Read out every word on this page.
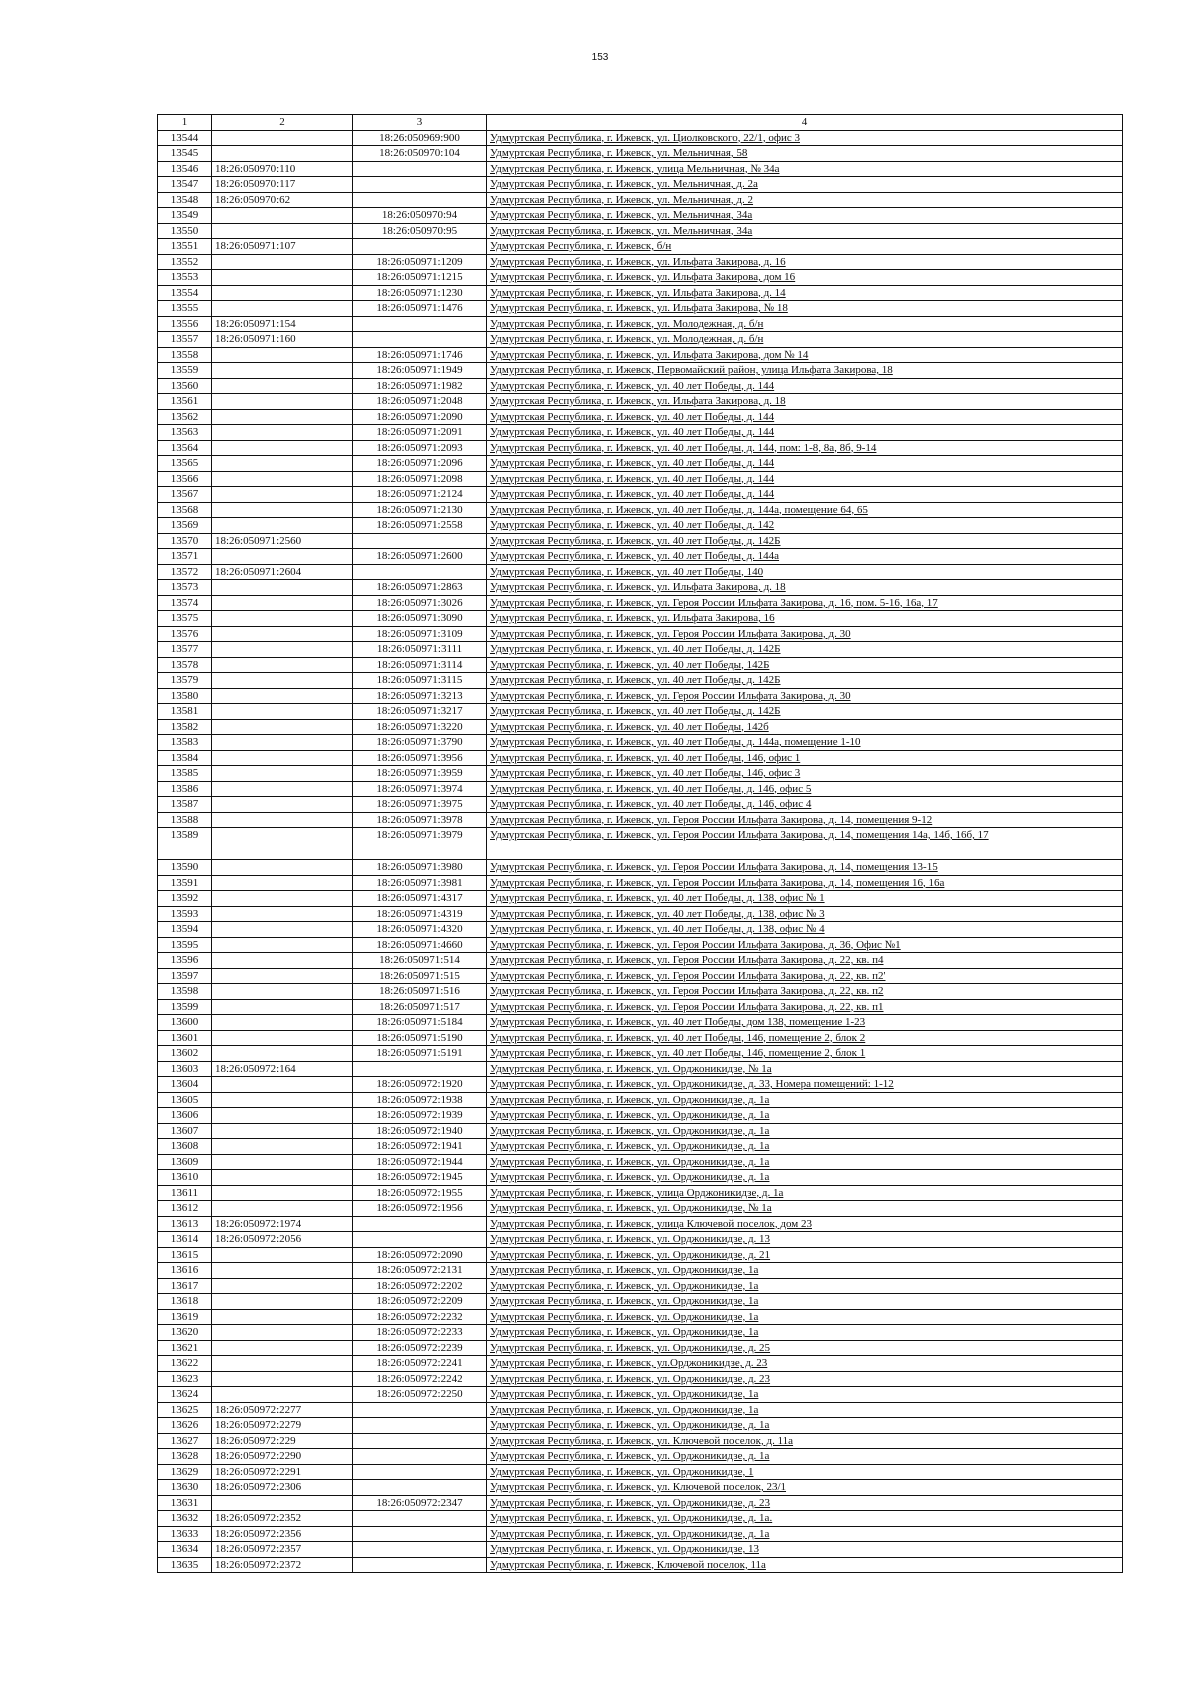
153
1	2	3	4
13544		18:26:050969:900	Удмуртская Республика, г. Ижевск, ул. Циолковского, 22/1, офис 3
13545		18:26:050970:104	Удмуртская Республика, г. Ижевск, ул. Мельничная, 58
13546	18:26:050970:110		Удмуртская Республика, г. Ижевск, улица Мельничная, № 34а
13547	18:26:050970:117		Удмуртская Республика, г. Ижевск, ул. Мельничная, д. 2а
13548	18:26:050970:62		Удмуртская Республика, г. Ижевск, ул. Мельничная, д. 2
13549		18:26:050970:94	Удмуртская Республика, г. Ижевск, ул. Мельничная, 34а
13550		18:26:050970:95	Удмуртская Республика, г. Ижевск, ул. Мельничная, 34а
13551	18:26:050971:107		Удмуртская Республика, г. Ижевск, б/н
13552		18:26:050971:1209	Удмуртская Республика, г. Ижевск, ул. Ильфата Закирова, д. 16
13553		18:26:050971:1215	Удмуртская Республика, г. Ижевск, ул. Ильфата Закирова, дом 16
13554		18:26:050971:1230	Удмуртская Республика, г. Ижевск, ул. Ильфата Закирова, д. 14
13555		18:26:050971:1476	Удмуртская Республика, г. Ижевск, ул. Ильфата Закирова, № 18
13556	18:26:050971:154		Удмуртская Республика, г. Ижевск, ул. Молодежная, д. б/н
13557	18:26:050971:160		Удмуртская Республика, г. Ижевск, ул. Молодежная, д. б/н
13558		18:26:050971:1746	Удмуртская Республика, г. Ижевск, ул. Ильфата Закирова, дом № 14
13559		18:26:050971:1949	Удмуртская Республика, г. Ижевск, Первомайский район, улица Ильфата Закирова, 18
13560		18:26:050971:1982	Удмуртская Республика, г. Ижевск, ул. 40 лет Победы, д. 144
13561		18:26:050971:2048	Удмуртская Республика, г. Ижевск, ул. Ильфата Закирова, д. 18
13562		18:26:050971:2090	Удмуртская Республика, г. Ижевск, ул. 40 лет Победы, д. 144
13563		18:26:050971:2091	Удмуртская Республика, г. Ижевск, ул. 40 лет Победы, д. 144
13564		18:26:050971:2093	Удмуртская Республика, г. Ижевск, ул. 40 лет Победы, д. 144, пом: 1-8, 8а, 8б, 9-14
13565		18:26:050971:2096	Удмуртская Республика, г. Ижевск, ул. 40 лет Победы, д. 144
13566		18:26:050971:2098	Удмуртская Республика, г. Ижевск, ул. 40 лет Победы, д. 144
13567		18:26:050971:2124	Удмуртская Республика, г. Ижевск, ул. 40 лет Победы, д. 144
13568		18:26:050971:2130	Удмуртская Республика, г. Ижевск, ул. 40 лет Победы, д. 144а, помещение 64, 65
13569		18:26:050971:2558	Удмуртская Республика, г. Ижевск, ул. 40 лет Победы, д. 142
13570	18:26:050971:2560		Удмуртская Республика, г. Ижевск, ул. 40 лет Победы, д. 142Б
13571		18:26:050971:2600	Удмуртская Республика, г. Ижевск, ул. 40 лет Победы, д. 144а
13572	18:26:050971:2604		Удмуртская Республика, г. Ижевск, ул. 40 лет Победы, 140
13573		18:26:050971:2863	Удмуртская Республика, г. Ижевск, ул. Ильфата Закирова, д. 18
13574		18:26:050971:3026	Удмуртская Республика, г. Ижевск, ул. Героя России Ильфата Закирова, д. 16, пом. 5-16, 16а, 17
13575		18:26:050971:3090	Удмуртская Республика, г. Ижевск, ул. Ильфата Закирова, 16
13576		18:26:050971:3109	Удмуртская Республика, г. Ижевск, ул. Героя России Ильфата Закирова, д. 30
13577		18:26:050971:3111	Удмуртская Республика, г. Ижевск, ул. 40 лет Победы, д. 142Б
13578		18:26:050971:3114	Удмуртская Республика, г. Ижевск, ул. 40 лет Победы, 142Б
13579		18:26:050971:3115	Удмуртская Республика, г. Ижевск, ул. 40 лет Победы, д. 142Б
13580		18:26:050971:3213	Удмуртская Республика, г. Ижевск, ул. Героя России Ильфата Закирова, д. 30
13581		18:26:050971:3217	Удмуртская Республика, г. Ижевск, ул. 40 лет Победы, д. 142Б
13582		18:26:050971:3220	Удмуртская Республика, г. Ижевск, ул. 40 лет Победы, 142б
13583		18:26:050971:3790	Удмуртская Республика, г. Ижевск, ул. 40 лет Победы, д. 144а, помещение 1-10
13584		18:26:050971:3956	Удмуртская Республика, г. Ижевск, ул. 40 лет Победы, 146, офис 1
13585		18:26:050971:3959	Удмуртская Республика, г. Ижевск, ул. 40 лет Победы, 146, офис 3
13586		18:26:050971:3974	Удмуртская Республика, г. Ижевск, ул. 40 лет Победы, д. 146, офис 5
13587		18:26:050971:3975	Удмуртская Республика, г. Ижевск, ул. 40 лет Победы, д. 146, офис 4
13588		18:26:050971:3978	Удмуртская Республика, г. Ижевск, ул. Героя России Ильфата Закирова, д. 14, помещения 9-12
13589		18:26:050971:3979	Удмуртская Республика, г. Ижевск, ул. Героя России Ильфата Закирова, д. 14, помещения 14а, 14б, 16б, 17
13590		18:26:050971:3980	Удмуртская Республика, г. Ижевск, ул. Героя России Ильфата Закирова, д. 14, помещения 13-15
13591		18:26:050971:3981	Удмуртская Республика, г. Ижевск, ул. Героя России Ильфата Закирова, д. 14, помещения 16, 16а
13592		18:26:050971:4317	Удмуртская Республика, г. Ижевск, ул. 40 лет Победы, д. 138, офис № 1
13593		18:26:050971:4319	Удмуртская Республика, г. Ижевск, ул. 40 лет Победы, д. 138, офис № 3
13594		18:26:050971:4320	Удмуртская Республика, г. Ижевск, ул. 40 лет Победы, д. 138, офис № 4
13595		18:26:050971:4660	Удмуртская Республика, г. Ижевск, ул. Героя России Ильфата Закирова, д. 36, Офис №1
13596		18:26:050971:514	Удмуртская Республика, г. Ижевск, ул. Героя России Ильфата Закирова, д. 22, кв. п4
13597		18:26:050971:515	Удмуртская Республика, г. Ижевск, ул. Героя России Ильфата Закирова, д. 22, кв. п2'
13598		18:26:050971:516	Удмуртская Республика, г. Ижевск, ул. Героя России Ильфата Закирова, д. 22, кв. п2
13599		18:26:050971:517	Удмуртская Республика, г. Ижевск, ул. Героя России Ильфата Закирова, д. 22, кв. п1
13600		18:26:050971:5184	Удмуртская Республика, г. Ижевск, ул. 40 лет Победы, дом 138, помещение 1-23
13601		18:26:050971:5190	Удмуртская Республика, г. Ижевск, ул. 40 лет Победы, 146, помещение 2, блок 2
13602		18:26:050971:5191	Удмуртская Республика, г. Ижевск, ул. 40 лет Победы, 146, помещение 2, блок 1
13603	18:26:050972:164		Удмуртская Республика, г. Ижевск, ул. Орджоникидзе, № 1а
13604		18:26:050972:1920	Удмуртская Республика, г. Ижевск, ул. Орджоникидзе, д. 33, Номера помещений: 1-12
13605		18:26:050972:1938	Удмуртская Республика, г. Ижевск, ул. Орджоникидзе, д. 1а
13606		18:26:050972:1939	Удмуртская Республика, г. Ижевск, ул. Орджоникидзе, д. 1а
13607		18:26:050972:1940	Удмуртская Республика, г. Ижевск, ул. Орджоникидзе, д. 1а
13608		18:26:050972:1941	Удмуртская Республика, г. Ижевск, ул. Орджоникидзе, д. 1а
13609		18:26:050972:1944	Удмуртская Республика, г. Ижевск, ул. Орджоникидзе, д. 1а
13610		18:26:050972:1945	Удмуртская Республика, г. Ижевск, ул. Орджоникидзе, д. 1а
13611		18:26:050972:1955	Удмуртская Республика, г. Ижевск, улица Орджоникидзе, д. 1а
13612		18:26:050972:1956	Удмуртская Республика, г. Ижевск, ул. Орджоникидзе, № 1а
13613	18:26:050972:1974		Удмуртская Республика, г. Ижевск, улица Ключевой поселок, дом 23
13614	18:26:050972:2056		Удмуртская Республика, г. Ижевск, ул. Орджоникидзе, д. 13
13615		18:26:050972:2090	Удмуртская Республика, г. Ижевск, ул. Орджоникидзе, д. 21
13616		18:26:050972:2131	Удмуртская Республика, г. Ижевск, ул. Орджоникидзе, 1а
13617		18:26:050972:2202	Удмуртская Республика, г. Ижевск, ул. Орджоникидзе, 1а
13618		18:26:050972:2209	Удмуртская Республика, г. Ижевск, ул. Орджоникидзе, 1а
13619		18:26:050972:2232	Удмуртская Республика, г. Ижевск, ул. Орджоникидзе, 1а
13620		18:26:050972:2233	Удмуртская Республика, г. Ижевск, ул. Орджоникидзе, 1а
13621		18:26:050972:2239	Удмуртская Республика, г. Ижевск, ул. Орджоникидзе, д. 25
13622		18:26:050972:2241	Удмуртская Республика, г. Ижевск, ул.Орджоникидзе, д. 23
13623		18:26:050972:2242	Удмуртская Республика, г. Ижевск, ул. Орджоникидзе, д. 23
13624		18:26:050972:2250	Удмуртская Республика, г. Ижевск, ул. Орджоникидзе, 1а
13625	18:26:050972:2277		Удмуртская Республика, г. Ижевск, ул. Орджоникидзе, 1а
13626	18:26:050972:2279		Удмуртская Республика, г. Ижевск, ул. Орджоникидзе, д. 1а
13627	18:26:050972:229		Удмуртская Республика, г. Ижевск, ул. Ключевой поселок, д. 11а
13628	18:26:050972:2290		Удмуртская Республика, г. Ижевск, ул. Орджоникидзе, д. 1а
13629	18:26:050972:2291		Удмуртская Республика, г. Ижевск, ул. Орджоникидзе, 1
13630	18:26:050972:2306		Удмуртская Республика, г. Ижевск, ул. Ключевой поселок, 23/1
13631		18:26:050972:2347	Удмуртская Республика, г. Ижевск, ул. Орджоникидзе, д. 23
13632	18:26:050972:2352		Удмуртская Республика, г. Ижевск, ул. Орджоникидзе, д. 1а.
13633	18:26:050972:2356		Удмуртская Республика, г. Ижевск, ул. Орджоникидзе, д. 1а
13634	18:26:050972:2357		Удмуртская Республика, г. Ижевск, ул. Орджоникидзе, 13
13635	18:26:050972:2372		Удмуртская Республика, г. Ижевск, Ключевой поселок, 11а
